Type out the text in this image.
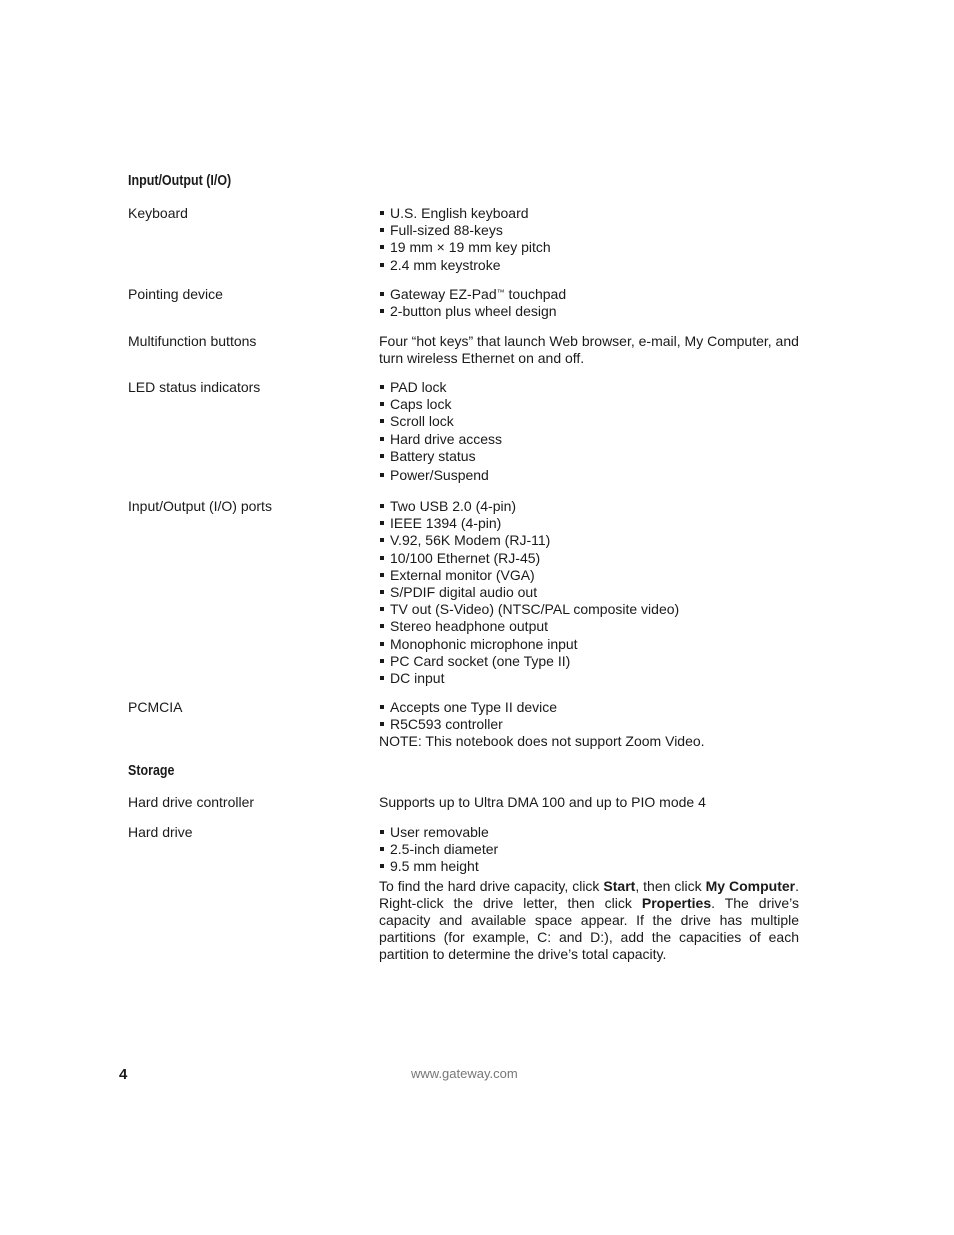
Input/Output (I/O)
Keyboard	U.S. English keyboard
Full-sized 88-keys
19 mm × 19 mm key pitch
2.4 mm keystroke
Pointing device	Gateway EZ-Pad™ touchpad
2-button plus wheel design
Multifunction buttons	Four “hot keys” that launch Web browser, e-mail, My Computer, and turn wireless Ethernet on and off.

LED status indicators	PAD lock
Caps lock
Scroll lock
Hard drive access
Battery status
Power/Suspend
Input/Output (I/O) ports	Two USB 2.0 (4-pin)
IEEE 1394 (4-pin)
V.92, 56K Modem (RJ-11)
10/100 Ethernet (RJ-45)
External monitor (VGA)
S/PDIF digital audio out
TV out (S-Video) (NTSC/PAL composite video)
Stereo headphone output
Monophonic microphone input
PC Card socket (one Type II)
DC input
PCMCIA	Accepts one Type II device
R5C593 controller

NOTE: This notebook does not support Zoom Video.

Storage
Hard drive controller	Supports up to Ultra DMA 100 and up to PIO mode 4

Hard drive	User removable
2.5-inch diameter
9.5 mm height

To find the hard drive capacity, click Start, then click My Computer. Right-click the drive letter, then click Properties. The drive’s capacity and available space appear. If the drive has multiple partitions (for example, C: and D:), add the capacities of each partition to determine the drive’s total capacity.

4	www.gateway.com
